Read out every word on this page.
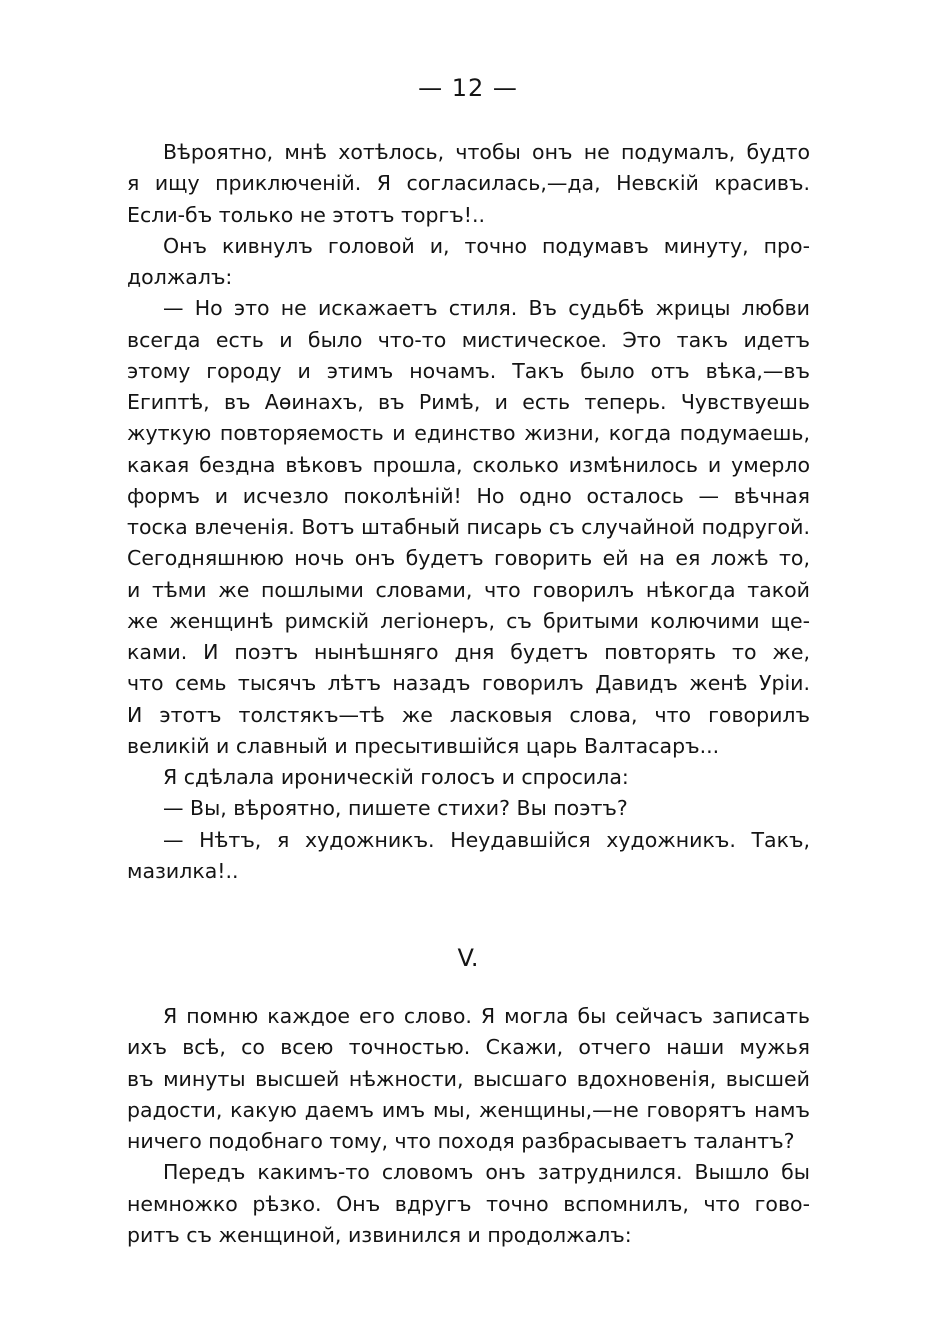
— 12 —
Вѣроятно, мнѣ хотѣлось, чтобы онъ не подумалъ, будто
я ищу приключеній. Я согласилась,—да, Невскій красивъ.
Если-бъ только не этотъ торгъ!..
Онъ кивнулъ головой и, точно подумавъ минуту, про-
должалъ:
— Но это не искажаетъ стиля. Въ судьбѣ жрицы любви
всегда есть и было что-то мистическое. Это такъ идетъ
этому городу и этимъ ночамъ. Такъ было отъ вѣка,—въ
Египтѣ, въ Аѳинахъ, въ Римѣ, и есть теперь. Чувствуешь
жуткую повторяемость и единство жизни, когда подумаешь,
какая бездна вѣковъ прошла, сколько измѣнилось и умерло
формъ и исчезло поколѣній! Но одно осталось — вѣчная
тоска влеченія. Вотъ штабный писарь съ случайной подругой.
Сегодняшнюю ночь онъ будетъ говорить ей на ея ложѣ то,
и тѣми же пошлыми словами, что говорилъ нѣкогда такой
же женщинѣ римскій легіонеръ, съ бритыми колючими ще-
ками. И поэтъ нынѣшняго дня будетъ повторять то же,
что семь тысячъ лѣтъ назадъ говорилъ Давидъ женѣ Уріи.
И этотъ толстякъ—тѣ же ласковыя слова, что говорилъ
великій и славный и пресытившійся царь Валтасаръ...
Я сдѣлала ироническій голосъ и спросила:
— Вы, вѣроятно, пишете стихи? Вы поэтъ?
— Нѣтъ, я художникъ. Неудавшійся художникъ. Такъ,
мазилка!..
V.
Я помню каждое его слово. Я могла бы сейчасъ записать
ихъ всѣ, со всею точностью. Скажи, отчего наши мужья
въ минуты высшей нѣжности, высшаго вдохновенія, высшей
радости, какую даемъ имъ мы, женщины,—не говорятъ намъ
ничего подобнаго тому, что походя разбрасываетъ талантъ?
Передъ какимъ-то словомъ онъ затруднился. Вышло бы
немножко рѣзко. Онъ вдругъ точно вспомнилъ, что гово-
ритъ съ женщиной, извинился и продолжалъ:
